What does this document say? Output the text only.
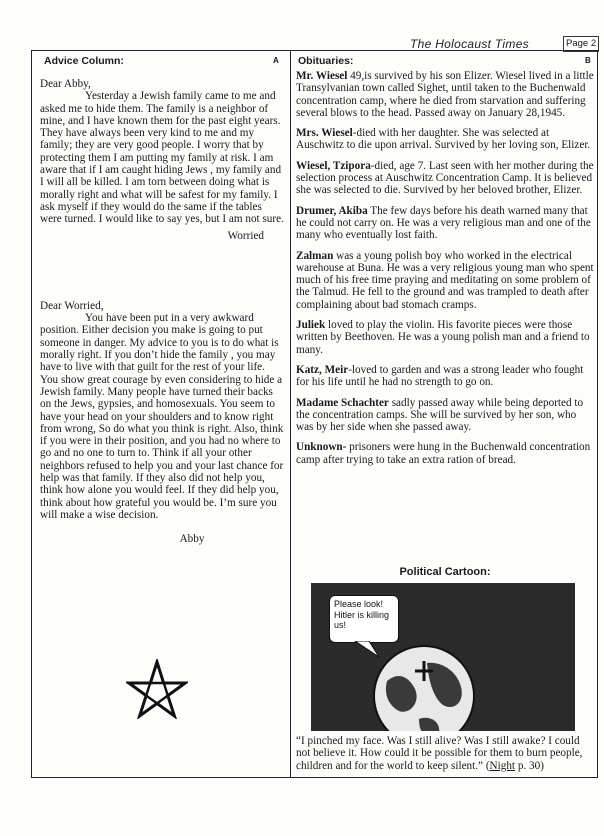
The Holocaust Times	Page 2
Advice Column:	A Obituaries:	B

Dear Abby,

Yesterday a Jewish family came to me and asked me to hide them. The family is a neighbor of mine, and I have known them for the past eight years. They have always been very kind to me and my family; they are very good people. I worry that by protecting them I am putting my family at risk. I am aware that if I am caught hiding Jews , my family and I will all be killed. I am torn between doing what is morally right and what will be safest for my family. I ask myself if they would do the same if the tables were turned. I would like to say yes, but I am not sure.

Worried

Dear Worried,

You have been put in a very awkward position. Either decision you make is going to put someone in danger. My advice to you is to do what is morally right. If you don’t hide the family , you may have to live with that guilt for the rest of your life. You show great courage by even considering to hide a Jewish family. Many people have turned their backs on the Jews, gypsies, and homosexuals. You seem to have your head on your shoulders and to know right from wrong, So do what you think is right. Also, think if you were in their position, and you had no where to go and no one to turn to. Think if all your other neighbors refused to help you and your last chance for help was that family. If they also did not help you, think how alone you would feel. If they did help you, think about how grateful you would be. I’m sure you will make a wise decision.

Abby

Mr. Wiesel 49,is survived by his son Elizer. Wiesel lived in a little Transylvanian town called Sighet, until taken to the Buchenwald concentration camp, where he died from starvation and suffering several blows to the head. Passed away on January 28,1945.

Mrs. Wiesel-died with her daughter. She was selected at Auschwitz to die upon arrival. Survived by her loving son, Elizer.

Wiesel, Tzipora-died, age 7. Last seen with her mother during the selection process at Auschwitz Concentration Camp. It is believed she was selected to die. Survived by her beloved brother, Elizer.

Drumer, Akiba The few days before his death warned many that he could not carry on. He was a very religious man and one of the many who eventually lost faith.

Zalman was a young polish boy who worked in the electrical warehouse at Buna. He was a very religious young man who spent much of his free time praying and meditating on some problem of the Talmud. He fell to the ground and was trampled to death after complaining about bad stomach cramps.

Juliek loved to play the violin. His favorite pieces were those written by Beethoven. He was a young polish man and a friend to many.

Katz, Meir-loved to garden and was a strong leader who fought for his life until he had no strength to go on.

Madame Schachter sadly passed away while being deported to the concentration camps. She will be survived by her son, who was by her side when she passed away.

Unknown- prisoners were hung in the Buchenwald concentration camp after trying to take an extra ration of bread.

Political Cartoon:
Please look! Hitler is killing us!
“I pinched my face. Was I still alive? Was I still awake? I could not believe it. How could it be possible for them to burn people, children and for the world to keep silent.” (Night p. 30)
